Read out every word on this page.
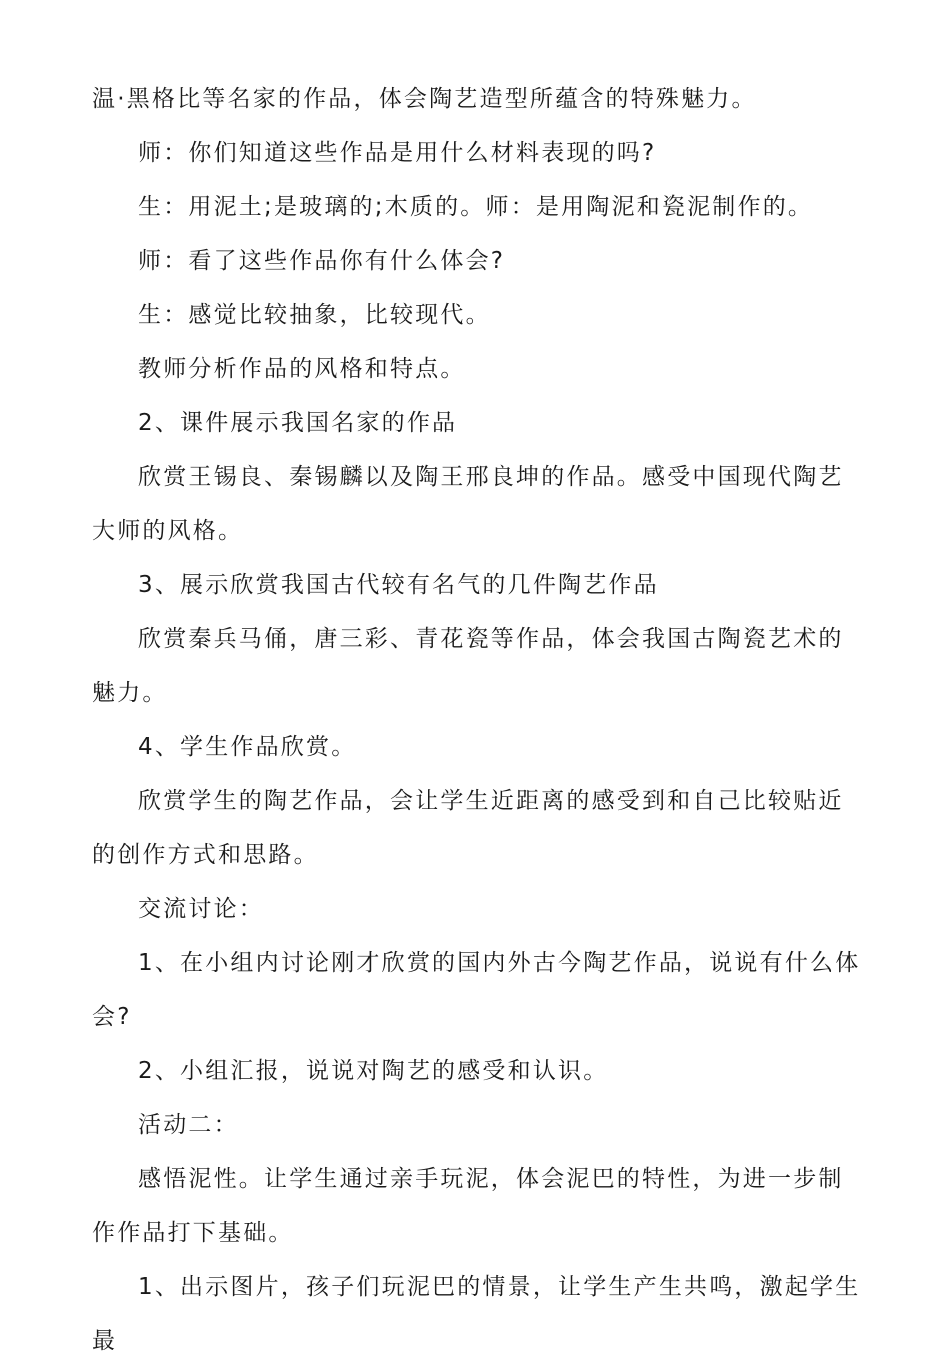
温·黑格比等名家的作品，体会陶艺造型所蕴含的特殊魅力。

师：你们知道这些作品是用什么材料表现的吗?

生：用泥土;是玻璃的;木质的。师：是用陶泥和瓷泥制作的。

师：看了这些作品你有什么体会?

生：感觉比较抽象，比较现代。

教师分析作品的风格和特点。

2、课件展示我国名家的作品

欣赏王锡良、秦锡麟以及陶王邢良坤的作品。感受中国现代陶艺大师的风格。

3、展示欣赏我国古代较有名气的几件陶艺作品

欣赏秦兵马俑，唐三彩、青花瓷等作品，体会我国古陶瓷艺术的魅力。

4、学生作品欣赏。

欣赏学生的陶艺作品，会让学生近距离的感受到和自己比较贴近的创作方式和思路。

交流讨论：

1、在小组内讨论刚才欣赏的国内外古今陶艺作品，说说有什么体会?

2、小组汇报，说说对陶艺的感受和认识。

活动二：

感悟泥性。让学生通过亲手玩泥，体会泥巴的特性，为进一步制作作品打下基础。

1、出示图片，孩子们玩泥巴的情景，让学生产生共鸣，激起学生最
